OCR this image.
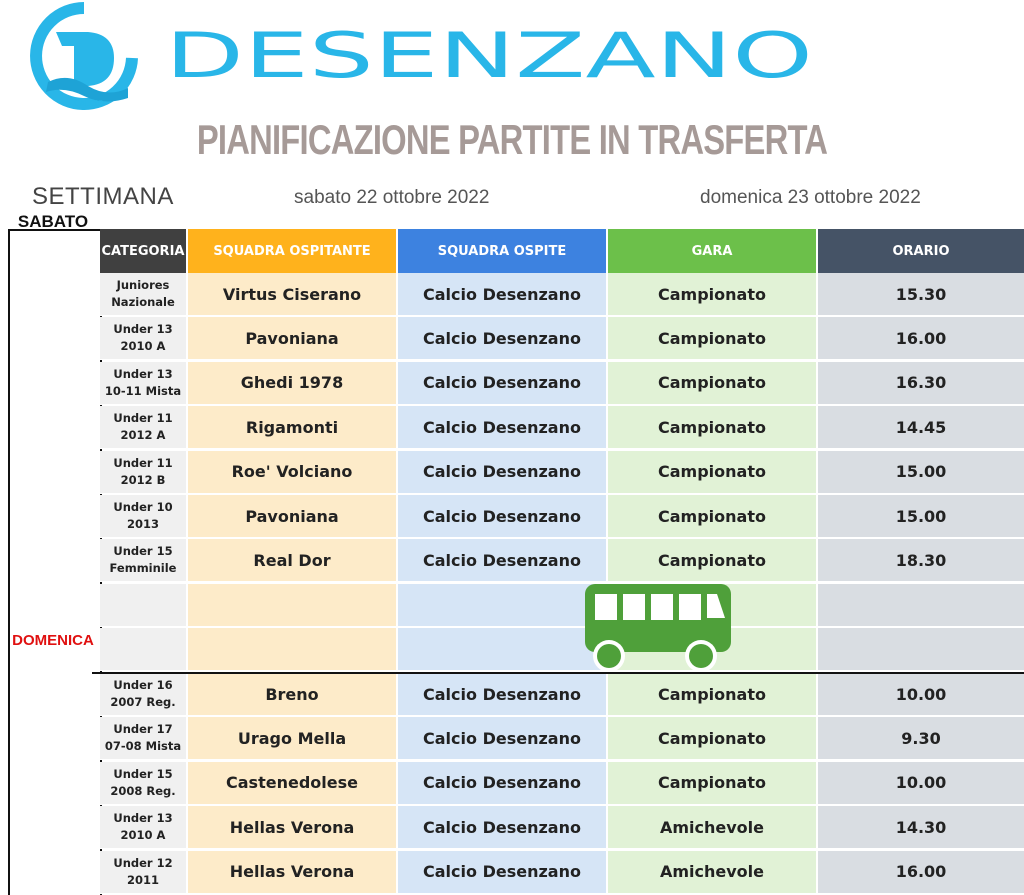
CALCIO
DESENZANO
PIANIFICAZIONE PARTITE IN TRASFERTA
SETTIMANA	sabato 22 ottobre 2022	domenica 23 ottobre 2022
CATEGORIA	SQUADRA OSPITANTE	SQUADRA OSPITE	GARA	ORARIO
Juniores
Nazionale	Virtus Ciserano	Calcio Desenzano	Campionato	15.30
Under 13
2010 A	Pavoniana	Calcio Desenzano	Campionato	16.00
Under 13
10-11 Mista	Ghedi 1978	Calcio Desenzano	Campionato	16.30
Under 11
2012 A	Rigamonti	Calcio Desenzano	Campionato	14.45
Under 11
2012 B	Roe' Volciano	Calcio Desenzano	Campionato	15.00
Under 10
2013	Pavoniana	Calcio Desenzano	Campionato	15.00
Under 15
Femminile	Real Dor	Calcio Desenzano	Campionato	18.30
Under 16
2007 Reg.	Breno	Calcio Desenzano	Campionato	10.00
Under 17
07-08 Mista	Urago Mella	Calcio Desenzano	Campionato	9.30
Under 15
2008 Reg.	Castenedolese	Calcio Desenzano	Campionato	10.00
Under 13
2010 A	Hellas Verona	Calcio Desenzano	Amichevole	14.30
Under 12
2011	Hellas Verona	Calcio Desenzano	Amichevole	16.00
SABATO
DOMENICA
